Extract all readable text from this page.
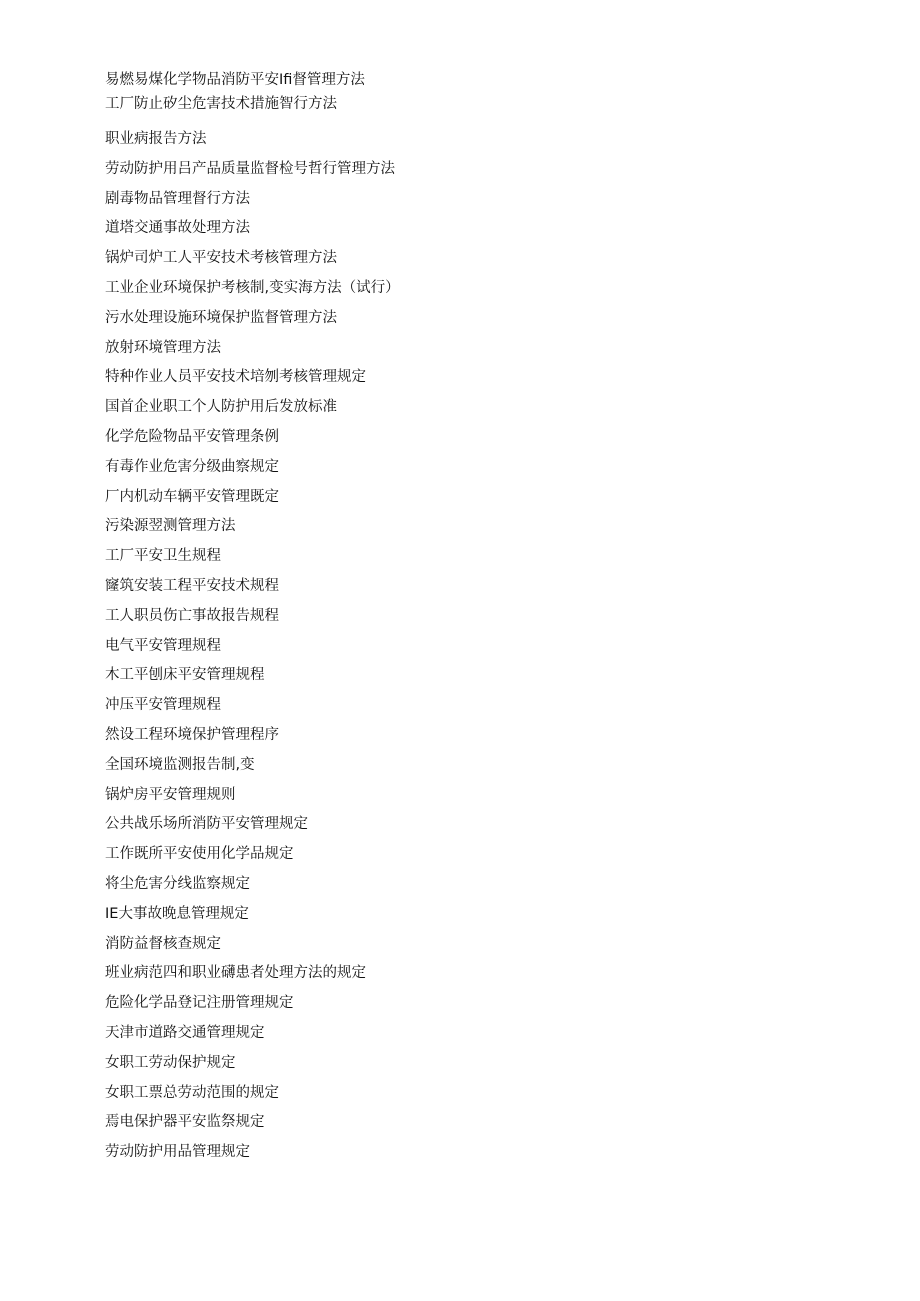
易燃易煤化学物品消防平安Ifi督管理方法
工厂防止矽尘危害技术措施智行方法
职业病报告方法
劳动防护用吕产品质量监督检号哲行管理方法
剧毒物品管理督行方法
道塔交通事故处理方法
锅炉司炉工人平安技术考核管理方法
工业企业环境保护考核制,变实海方法（试行）
污水处理设施环境保护监督管理方法
放射环境管理方法
特种作业人员平安技术培刎考核管理规定
国首企业职工个人防护用后发放标准
化学危险物品平安管理条例
有毒作业危害分级曲察规定
厂内机动车辆平安管理既定
污染源翌测管理方法
工厂平安卫生规程
窿筑安装工程平安技术规程
工人职员伤亡事故报告规程
电气平安管理规程
木工平刨床平安管理规程
冲压平安管理规程
然设工程环境保护管理程序
全国环境监测报告制,变
锅炉房平安管理规则
公共战乐场所消防平安管理规定
工作既所平安使用化学品规定
将尘危害分线监察规定
IE大事故晚息管理规定
消防益督核查规定
班业病范四和职业礴患者处理方法的规定
危险化学品登记注册管理规定
天津市道路交通管理规定
女职工劳动保护规定
女职工票总劳动范围的规定
焉电保护器平安监祭规定
劳动防护用品管理规定
